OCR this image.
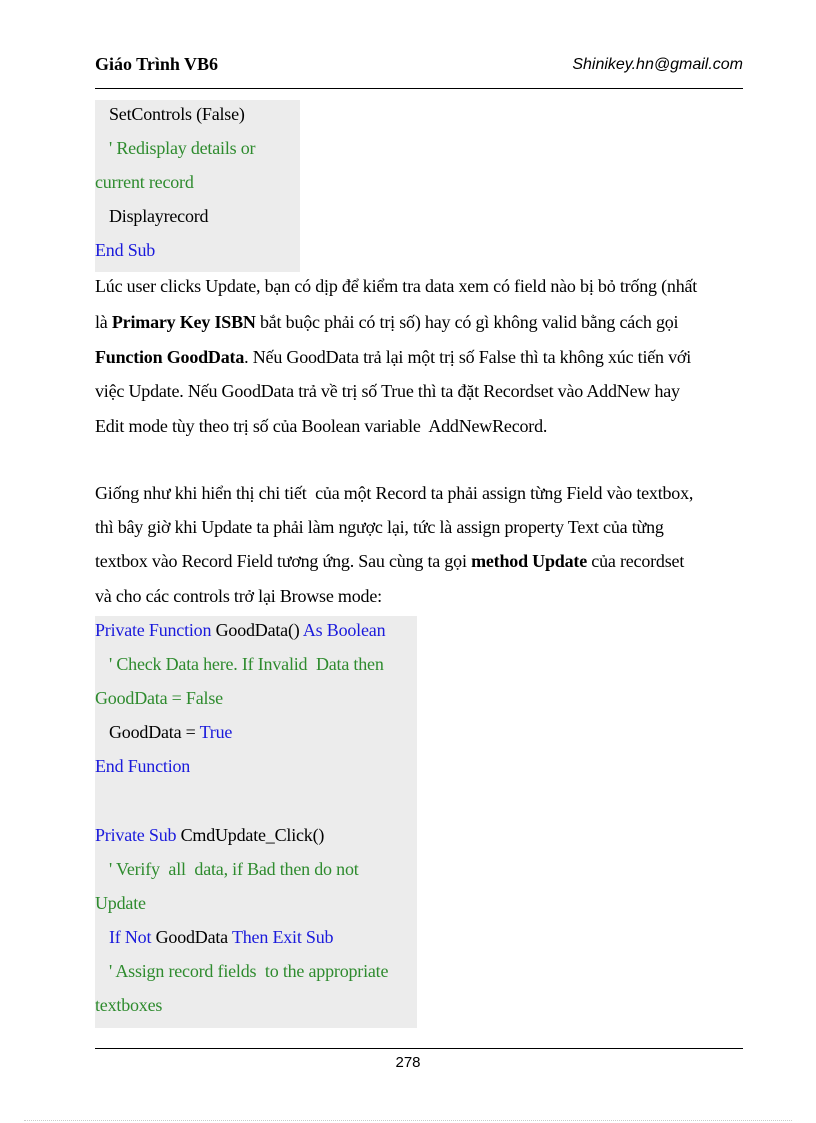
Giáo Trình VB6	Shinikey.hn@gmail.com
SetControls (False)
' Redisplay details or
current record
Displayrecord
End Sub
Lúc user clicks Update, bạn có dịp để kiểm tra data xem có field nào bị bỏ trống (nhất
là Primary Key ISBN bắt buộc phải có trị số) hay có gì không valid bằng cách gọi
Function GoodData. Nếu GoodData trả lại một trị số False thì ta không xúc tiến với
việc Update. Nếu GoodData trả về trị số True thì ta đặt Recordset vào AddNew hay
Edit mode tùy theo trị số của Boolean variable  AddNewRecord.
Giống như khi hiển thị chi tiết  của một Record ta phải assign từng Field vào textbox,
thì bây giờ khi Update ta phải làm ngược lại, tức là assign property Text của từng
textbox vào Record Field tương ứng. Sau cùng ta gọi method Update của recordset
và cho các controls trở lại Browse mode:
Private Function GoodData() As Boolean
' Check Data here. If Invalid  Data then
GoodData = False
GoodData = True
End Function
Private Sub CmdUpdate_Click()
' Verify  all  data, if Bad then do not
Update
If Not GoodData Then Exit Sub
' Assign record fields  to the appropriate
textboxes
278
